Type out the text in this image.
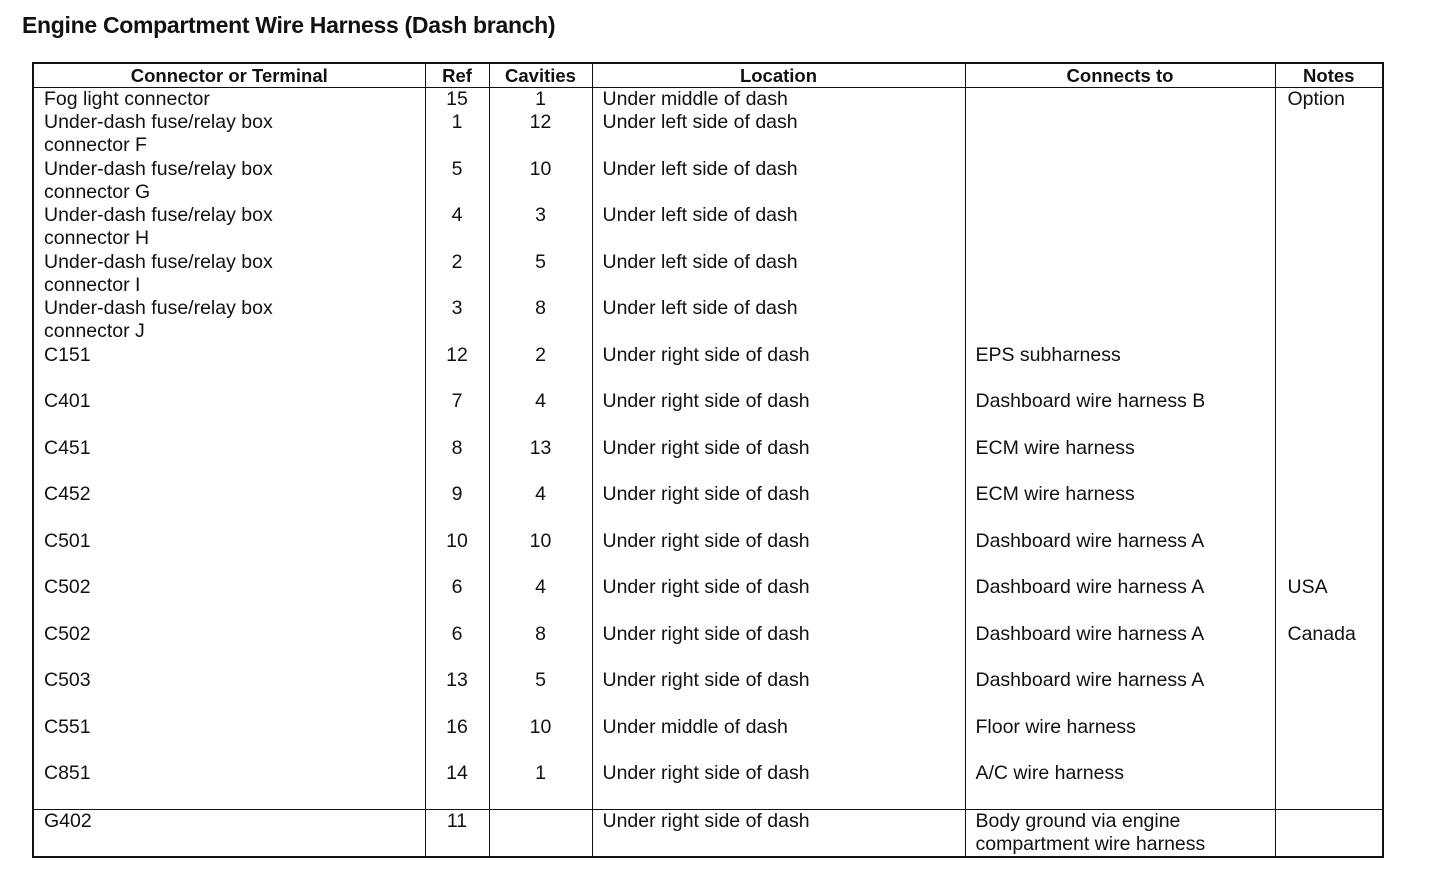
Engine Compartment Wire Harness (Dash branch)
Connector or Terminal	Ref	Cavities	Location	Connects to	Notes
Fog light connector	15	1	Under middle of dash		Option
Under-dash fuse/relay box
connector F	1	12	Under left side of dash		
Under-dash fuse/relay box
connector G	5	10	Under left side of dash		
Under-dash fuse/relay box
connector H	4	3	Under left side of dash		
Under-dash fuse/relay box
connector I	2	5	Under left side of dash		
Under-dash fuse/relay box
connector J	3	8	Under left side of dash		
C151	12	2	Under right side of dash	EPS subharness	
C401	7	4	Under right side of dash	Dashboard wire harness B	
C451	8	13	Under right side of dash	ECM wire harness	
C452	9	4	Under right side of dash	ECM wire harness	
C501	10	10	Under right side of dash	Dashboard wire harness A	
C502	6	4	Under right side of dash	Dashboard wire harness A	USA
C502	6	8	Under right side of dash	Dashboard wire harness A	Canada
C503	13	5	Under right side of dash	Dashboard wire harness A	
C551	16	10	Under middle of dash	Floor wire harness	
C851	14	1	Under right side of dash	A/C wire harness	
G402	11		Under right side of dash	Body ground via engine
compartment wire harness	
